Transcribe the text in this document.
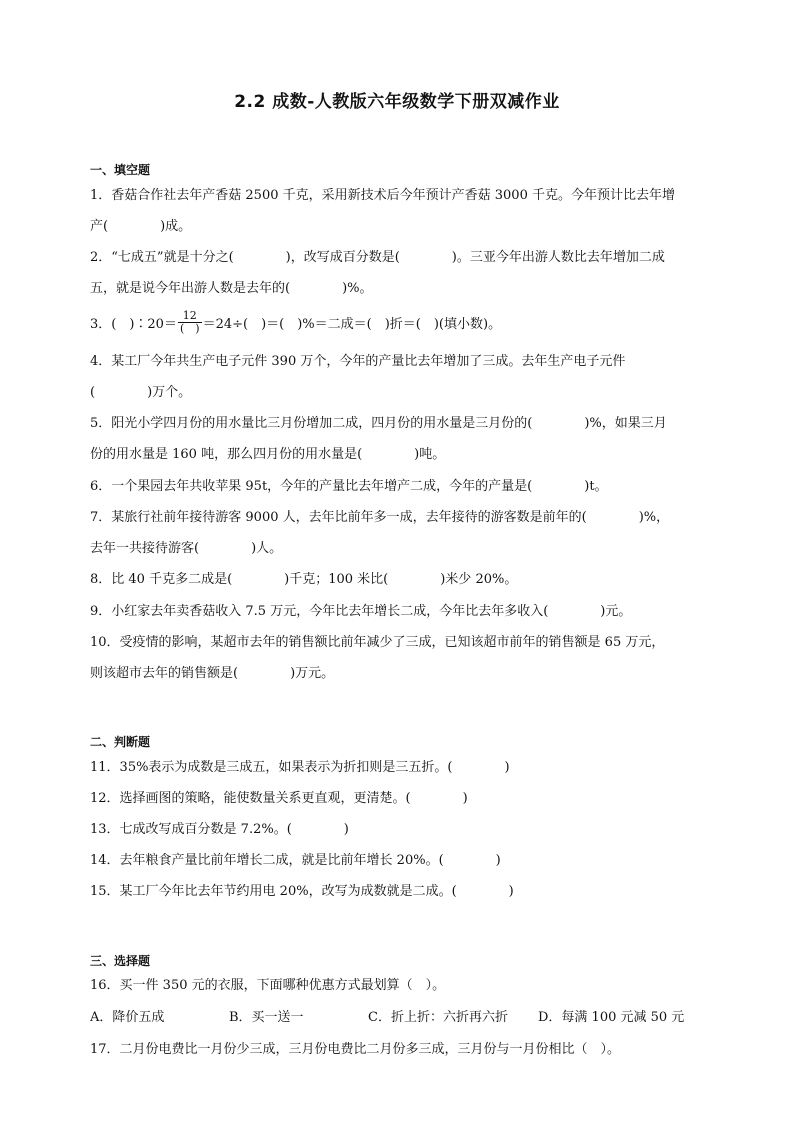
2.2 成数-人教版六年级数学下册双减作业
一、填空题
1．香菇合作社去年产香菇 2500 千克，采用新技术后今年预计产香菇 3000 千克。今年预计比去年增
产(　　　　)成。
2．“七成五”就是十分之(　　　　)，改写成百分数是(　　　　)。三亚今年出游人数比去年增加二成
五，就是说今年出游人数是去年的(　　　　)%。
3．(　)∶20＝ $\frac{12}{( )} =24\div$(　)＝(　)%＝二成＝(　)折＝(　)(填小数)。
4．某工厂今年共生产电子元件 390 万个，今年的产量比去年增加了三成。去年生产电子元件
(　　　　)万个。
5．阳光小学四月份的用水量比三月份增加二成，四月份的用水量是三月份的(　　　　)%，如果三月
份的用水量是 160 吨，那么四月份的用水量是(　　　　)吨。
6．一个果园去年共收苹果 95t，今年的产量比去年增产二成，今年的产量是(　　　　)t。
7．某旅行社前年接待游客 9000 人，去年比前年多一成，去年接待的游客数是前年的(　　　　)%，
去年一共接待游客(　　　　)人。
8．比 40 千克多二成是(　　　　)千克；100 米比(　　　　)米少 20%。
9．小红家去年卖香菇收入 7.5 万元，今年比去年增长二成，今年比去年多收入(　　　　)元。
10．受疫情的影响，某超市去年的销售额比前年减少了三成，已知该超市前年的销售额是 65 万元，
则该超市去年的销售额是(　　　　)万元。
二、判断题
11．35%表示为成数是三成五，如果表示为折扣则是三五折。(　　　　)
12．选择画图的策略，能使数量关系更直观，更清楚。(　　　　)
13．七成改写成百分数是 7.2%。(　　　　)
14．去年粮食产量比前年增长二成，就是比前年增长 20%。(　　　　)
15．某工厂今年比去年节约用电 20%，改写为成数就是二成。(　　　　)
三、选择题
16．买一件 350 元的衣服，下面哪种优惠方式最划算（　）。
A．降价五成	B．买一送一	C．折上折：六折再六折 D．每满 100 元减 50 元
17．二月份电费比一月份少三成，三月份电费比二月份多三成，三月份与一月份相比（　）。
